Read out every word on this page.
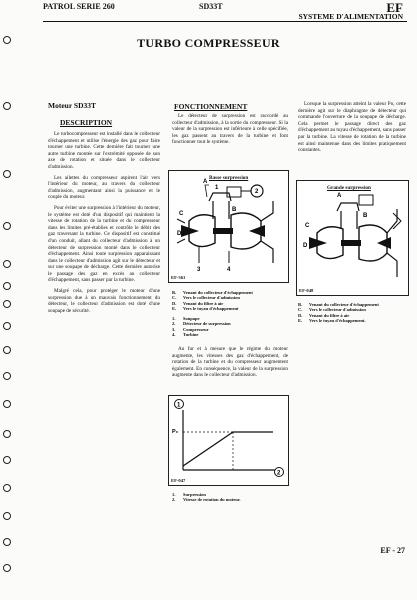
PATROL SERIE 260	SD33T	EF
SYSTEME D'ALIMENTATION
TURBO COMPRESSEUR
Moteur SD33T
DESCRIPTION

Le turbocompresseur est installé dans le collecteur d'échappement et utilise l'énergie des gaz pour faire tourner une turbine. Cette dernière fait tourner une autre turbine montée sur l'extrémité opposée de son axe de rotation et située dans le collecteur d'admission.

Les ailettes du compresseur aspirent l'air vers l'intérieur du moteur, au travers du collecteur d'admission, augmentant ainsi la puissance et le couple du moteur.

Pour éviter une surpression à l'intérieur du moteur, le système est doté d'un dispositif qui maintient la vitesse de rotation de la turbine et du compresseur dans les limites pré-établies et contrôle le débit des gaz traversant la turbine. Ce dispositif est constitué d'un conduit, allant du collecteur d'admission à un détecteur de surpression monté dans le collecteur d'échappement. Ainsi toute surpression apparaissant dans le collecteur d'admission agit sur le détecteur et sur une soupape de décharge. Cette dernière autorise le passage des gaz en excès au collecteur d'échappement, sans passer par la turbine.

Malgré cela, pour protéger le moteur d'une surpression due à un mauvais fonctionnement du détecteur, le collecteur d'admission est doté d'une soupape de sécurité.

FONCTIONNEMENT

Le détecteur de surpression est raccordé au collecteur d'admission, à la sortie du compresseur. Si la valeur de la surpression est inférieure à celle spécifiée, les gaz passent au travers de la turbine et font fonctionner tout le système.

Lorsque la surpression atteint la valeur Po, cette dernière agit sur le diaphragme de détecteur qui commande l'ouverture de la soupape de décharge. Cela permet le passage direct des gaz d'échappement au tuyau d'échappement, sans passer par la turbine. La vitesse de rotation de la turbine est ainsi maintenue dans des limites pratiquement constantes.

Basse surpression
A
B
C
D
1
2
3	4
EF-361
B. Venant du collecteur d'échappement
C. Vers le collecteur d'admission
D. Venant du filtre à air
E. Vers le tuyau d'échappement
1. Soupape
2. Détecteur de surpression
3. Compresseur
4. Turbine

Au fur et à mesure que le régime du moteur augmente, les vitesses des gaz d'échappement, de rotation de la turbine et du compresseur augmentent également. En conséquence, la valeur de la surpression augmente dans le collecteur d'admission.

Grande surpression
A
B
C
D
EF-048
B. Venant du collecteur d'échappement
C. Vers le collecteur d'admission
D. Venant du filtre à air
E. Vers le tuyau d'échappement.
1
2
P₀
EF-047
1. Surpression
2. Vitesse de rotation du moteur.
EF - 27
